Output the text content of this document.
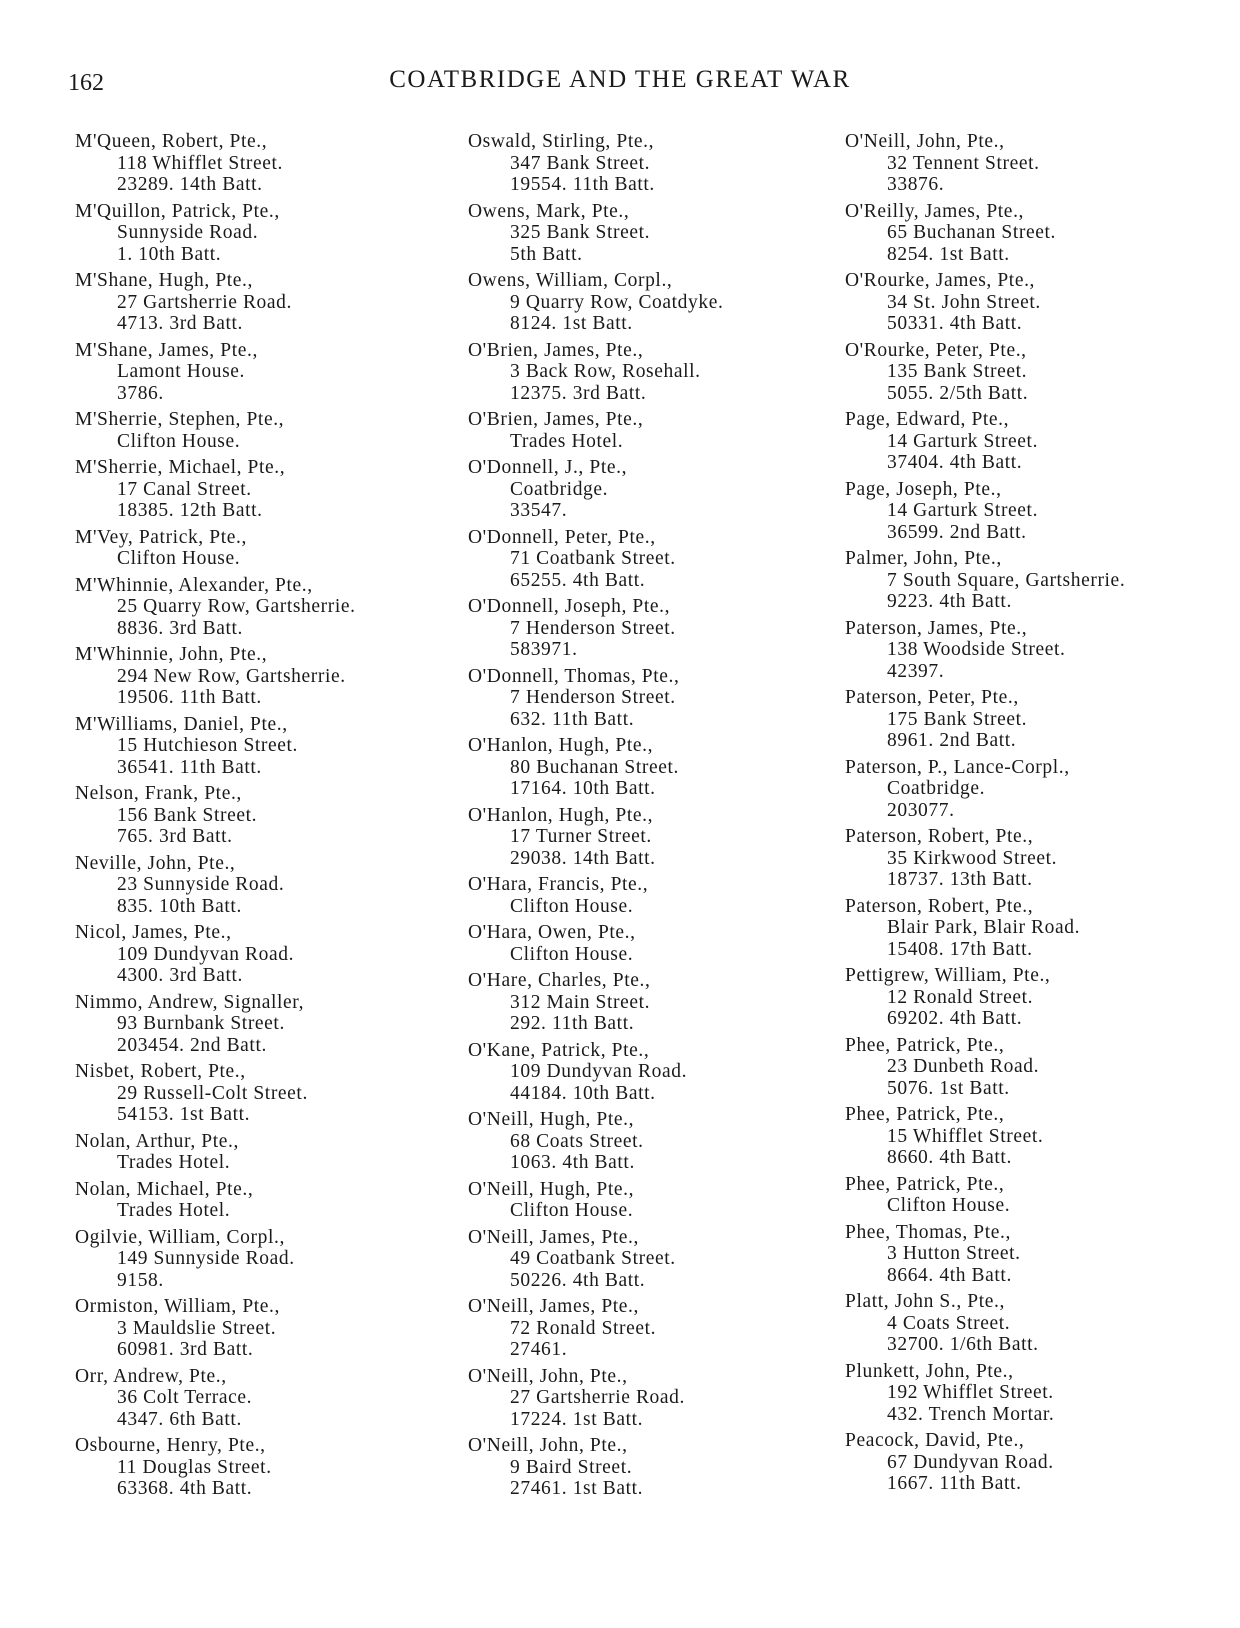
162	COATBRIDGE AND THE GREAT WAR
M'Queen, Robert, Pte.,
118 Whifflet Street.
23289. 14th Batt.
M'Quillon, Patrick, Pte.,
Sunnyside Road.
1. 10th Batt.
M'Shane, Hugh, Pte.,
27 Gartsherrie Road.
4713. 3rd Batt.
M'Shane, James, Pte.,
Lamont House.
3786.
M'Sherrie, Stephen, Pte.,
Clifton House.
M'Sherrie, Michael, Pte.,
17 Canal Street.
18385. 12th Batt.
M'Vey, Patrick, Pte.,
Clifton House.
M'Whinnie, Alexander, Pte.,
25 Quarry Row, Gartsherrie.
8836. 3rd Batt.
M'Whinnie, John, Pte.,
294 New Row, Gartsherrie.
19506. 11th Batt.
M'Williams, Daniel, Pte.,
15 Hutchieson Street.
36541. 11th Batt.
Nelson, Frank, Pte.,
156 Bank Street.
765. 3rd Batt.
Neville, John, Pte.,
23 Sunnyside Road.
835. 10th Batt.
Nicol, James, Pte.,
109 Dundyvan Road.
4300. 3rd Batt.
Nimmo, Andrew, Signaller,
93 Burnbank Street.
203454. 2nd Batt.
Nisbet, Robert, Pte.,
29 Russell-Colt Street.
54153. 1st Batt.
Nolan, Arthur, Pte.,
Trades Hotel.
Nolan, Michael, Pte.,
Trades Hotel.
Ogilvie, William, Corpl.,
149 Sunnyside Road.
9158.
Ormiston, William, Pte.,
3 Mauldslie Street.
60981. 3rd Batt.
Orr, Andrew, Pte.,
36 Colt Terrace.
4347. 6th Batt.
Osbourne, Henry, Pte.,
11 Douglas Street.
63368. 4th Batt.
Oswald, Stirling, Pte.,
347 Bank Street.
19554. 11th Batt.
Owens, Mark, Pte.,
325 Bank Street.
5th Batt.
Owens, William, Corpl.,
9 Quarry Row, Coatdyke.
8124. 1st Batt.
O'Brien, James, Pte.,
3 Back Row, Rosehall.
12375. 3rd Batt.
O'Brien, James, Pte.,
Trades Hotel.
O'Donnell, J., Pte.,
Coatbridge.
33547.
O'Donnell, Peter, Pte.,
71 Coatbank Street.
65255. 4th Batt.
O'Donnell, Joseph, Pte.,
7 Henderson Street.
583971.
O'Donnell, Thomas, Pte.,
7 Henderson Street.
632. 11th Batt.
O'Hanlon, Hugh, Pte.,
80 Buchanan Street.
17164. 10th Batt.
O'Hanlon, Hugh, Pte.,
17 Turner Street.
29038. 14th Batt.
O'Hara, Francis, Pte.,
Clifton House.
O'Hara, Owen, Pte.,
Clifton House.
O'Hare, Charles, Pte.,
312 Main Street.
292. 11th Batt.
O'Kane, Patrick, Pte.,
109 Dundyvan Road.
44184. 10th Batt.
O'Neill, Hugh, Pte.,
68 Coats Street.
1063. 4th Batt.
O'Neill, Hugh, Pte.,
Clifton House.
O'Neill, James, Pte.,
49 Coatbank Street.
50226. 4th Batt.
O'Neill, James, Pte.,
72 Ronald Street.
27461.
O'Neill, John, Pte.,
27 Gartsherrie Road.
17224. 1st Batt.
O'Neill, John, Pte.,
9 Baird Street.
27461. 1st Batt.
O'Neill, John, Pte.,
32 Tennent Street.
33876.
O'Reilly, James, Pte.,
65 Buchanan Street.
8254. 1st Batt.
O'Rourke, James, Pte.,
34 St. John Street.
50331. 4th Batt.
O'Rourke, Peter, Pte.,
135 Bank Street.
5055. 2/5th Batt.
Page, Edward, Pte.,
14 Garturk Street.
37404. 4th Batt.
Page, Joseph, Pte.,
14 Garturk Street.
36599. 2nd Batt.
Palmer, John, Pte.,
7 South Square, Gartsherrie.
9223. 4th Batt.
Paterson, James, Pte.,
138 Woodside Street.
42397.
Paterson, Peter, Pte.,
175 Bank Street.
8961. 2nd Batt.
Paterson, P., Lance-Corpl.,
Coatbridge.
203077.
Paterson, Robert, Pte.,
35 Kirkwood Street.
18737. 13th Batt.
Paterson, Robert, Pte.,
Blair Park, Blair Road.
15408. 17th Batt.
Pettigrew, William, Pte.,
12 Ronald Street.
69202. 4th Batt.
Phee, Patrick, Pte.,
23 Dunbeth Road.
5076. 1st Batt.
Phee, Patrick, Pte.,
15 Whifflet Street.
8660. 4th Batt.
Phee, Patrick, Pte.,
Clifton House.
Phee, Thomas, Pte.,
3 Hutton Street.
8664. 4th Batt.
Platt, John S., Pte.,
4 Coats Street.
32700. 1/6th Batt.
Plunkett, John, Pte.,
192 Whifflet Street.
432. Trench Mortar.
Peacock, David, Pte.,
67 Dundyvan Road.
1667. 11th Batt.
